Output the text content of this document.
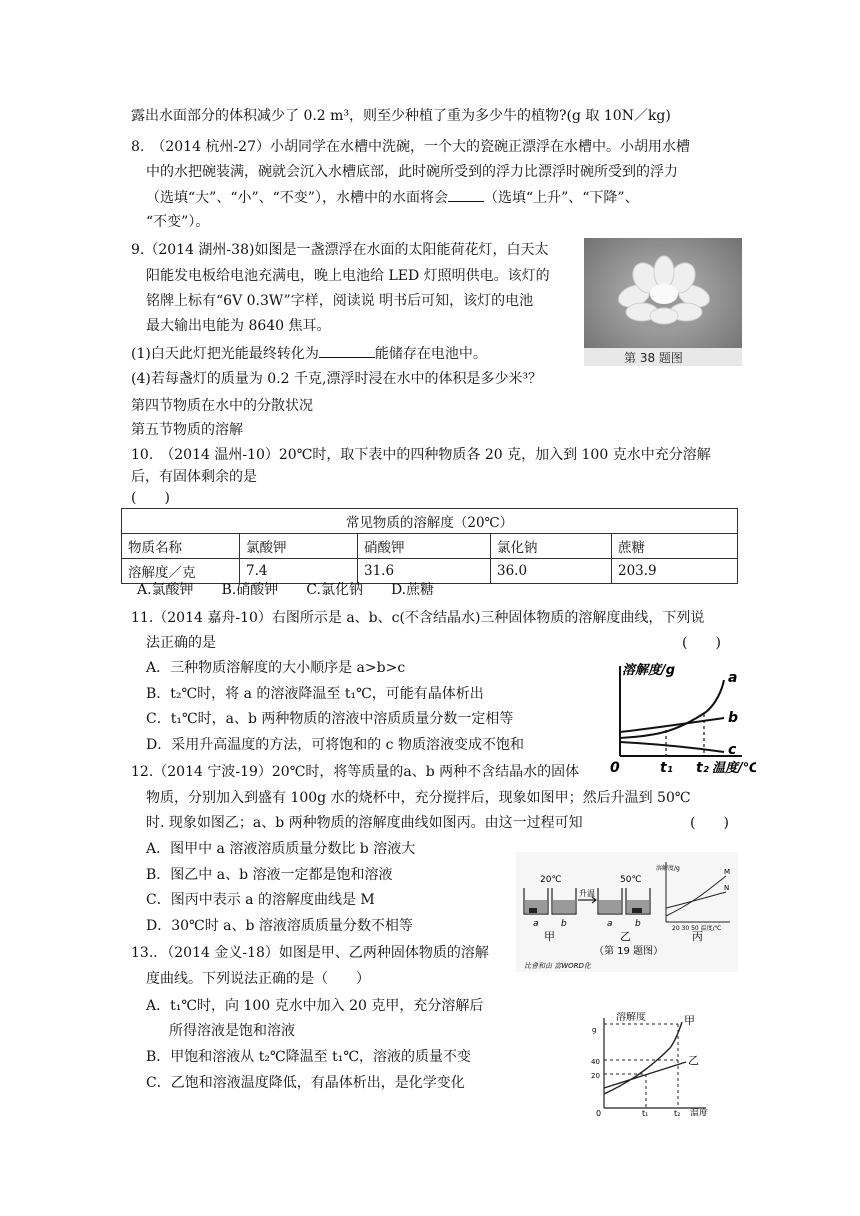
露出水面部分的体积减少了 0.2 m³，则至少种植了重为多少牛的植物?(g 取 10N／kg)
8.　（2014 杭州-27）小胡同学在水槽中洗碗，一个大的瓷碗正漂浮在水槽中。小胡用水槽
中的水把碗装满，碗就会沉入水槽底部，此时碗所受到的浮力比漂浮时碗所受到的浮力
（选填“大”、“小”、“不变”），水槽中的水面将会	（选填“上升”、“下降”、
“不变”）。
9.（2014 湖州-38)如图是一盏漂浮在水面的太阳能荷花灯，白天太
阳能发电板给电池充满电，晚上电池给 LED 灯照明供电。该灯的
铭牌上标有“6V 0.3W”字样，阅读说 明书后可知，该灯的电池
最大输出电能为 8640 焦耳。
(1)白天此灯把光能最终转化为	能储存在电池中。
(4)若每盏灯的质量为 0.2 千克,漂浮时浸在水中的体积是多少米³？
第 38 题图
第四节物质在水中的分散状况
第五节物质的溶解
10.　（2014 温州-10）20℃时，取下表中的四种物质各 20 克，加入到 100 克水中充分溶解
后，有固体剩余的是
(　　)
常见物质的溶解度（20℃）				
物质名称	氯酸钾	硝酸钾	氯化钠	蔗糖
溶解度／克	7.4	31.6	36.0	203.9
A.氯酸钾　　B.硝酸钾　　C.氯化钠　　D.蔗糖
11.（2014 嘉舟-10）右图所示是 a、b、c(不含结晶水)三种固体物质的溶解度曲线，下列说
法正确的是	(　　)
A．三种物质溶解度的大小顺序是 a>b>c
B．t₂℃时，将 a 的溶液降温至 t₁℃，可能有晶体析出
C．t₁℃时，a、b 两种物质的溶液中溶质质量分数一定相等
D．采用升高温度的方法，可将饱和的 c 物质溶液变成不饱和
溶解度/g	a
b
c
0	t₁ t₂ 温度/℃
12.（2014 宁波-19）20℃时，将等质量的a、b 两种不含结晶水的固体
物质，分别加入到盛有 100g 水的烧杯中，充分搅拌后，现象如图甲；然后升温到 50℃
时. 现象如图乙；a、b 两种物质的溶解度曲线如图丙。由这一过程可知	(　　)
A．图甲中 a 溶液溶质质量分数比 b 溶液大
B．图乙中 a、b 溶液一定都是饱和溶液
C．图丙中表示 a 的溶解度曲线是 M
D．30℃时 a、b 溶液溶质质量分数不相等
20℃	50℃
升温
a b	a b
甲	乙	丙
溶解度/g	M
N
20 30 50 温度/℃
（第 19 题图）
比會和由 富WORD化
13.．（2014 金义-18）如图是甲、乙两种固体物质的溶解
度曲线。下列说法正确的是（　　）
A．t₁℃时，向 100 克水中加入 20 克甲，充分溶解后
所得溶液是饱和溶液
B．甲饱和溶液从 t₂℃降温至 t₁℃，溶液的质量不变
C．乙饱和溶液温度降低，有晶体析出，是化学变化
溶解度	甲
乙
g
40
20
0	t₁	t₂ 温度
